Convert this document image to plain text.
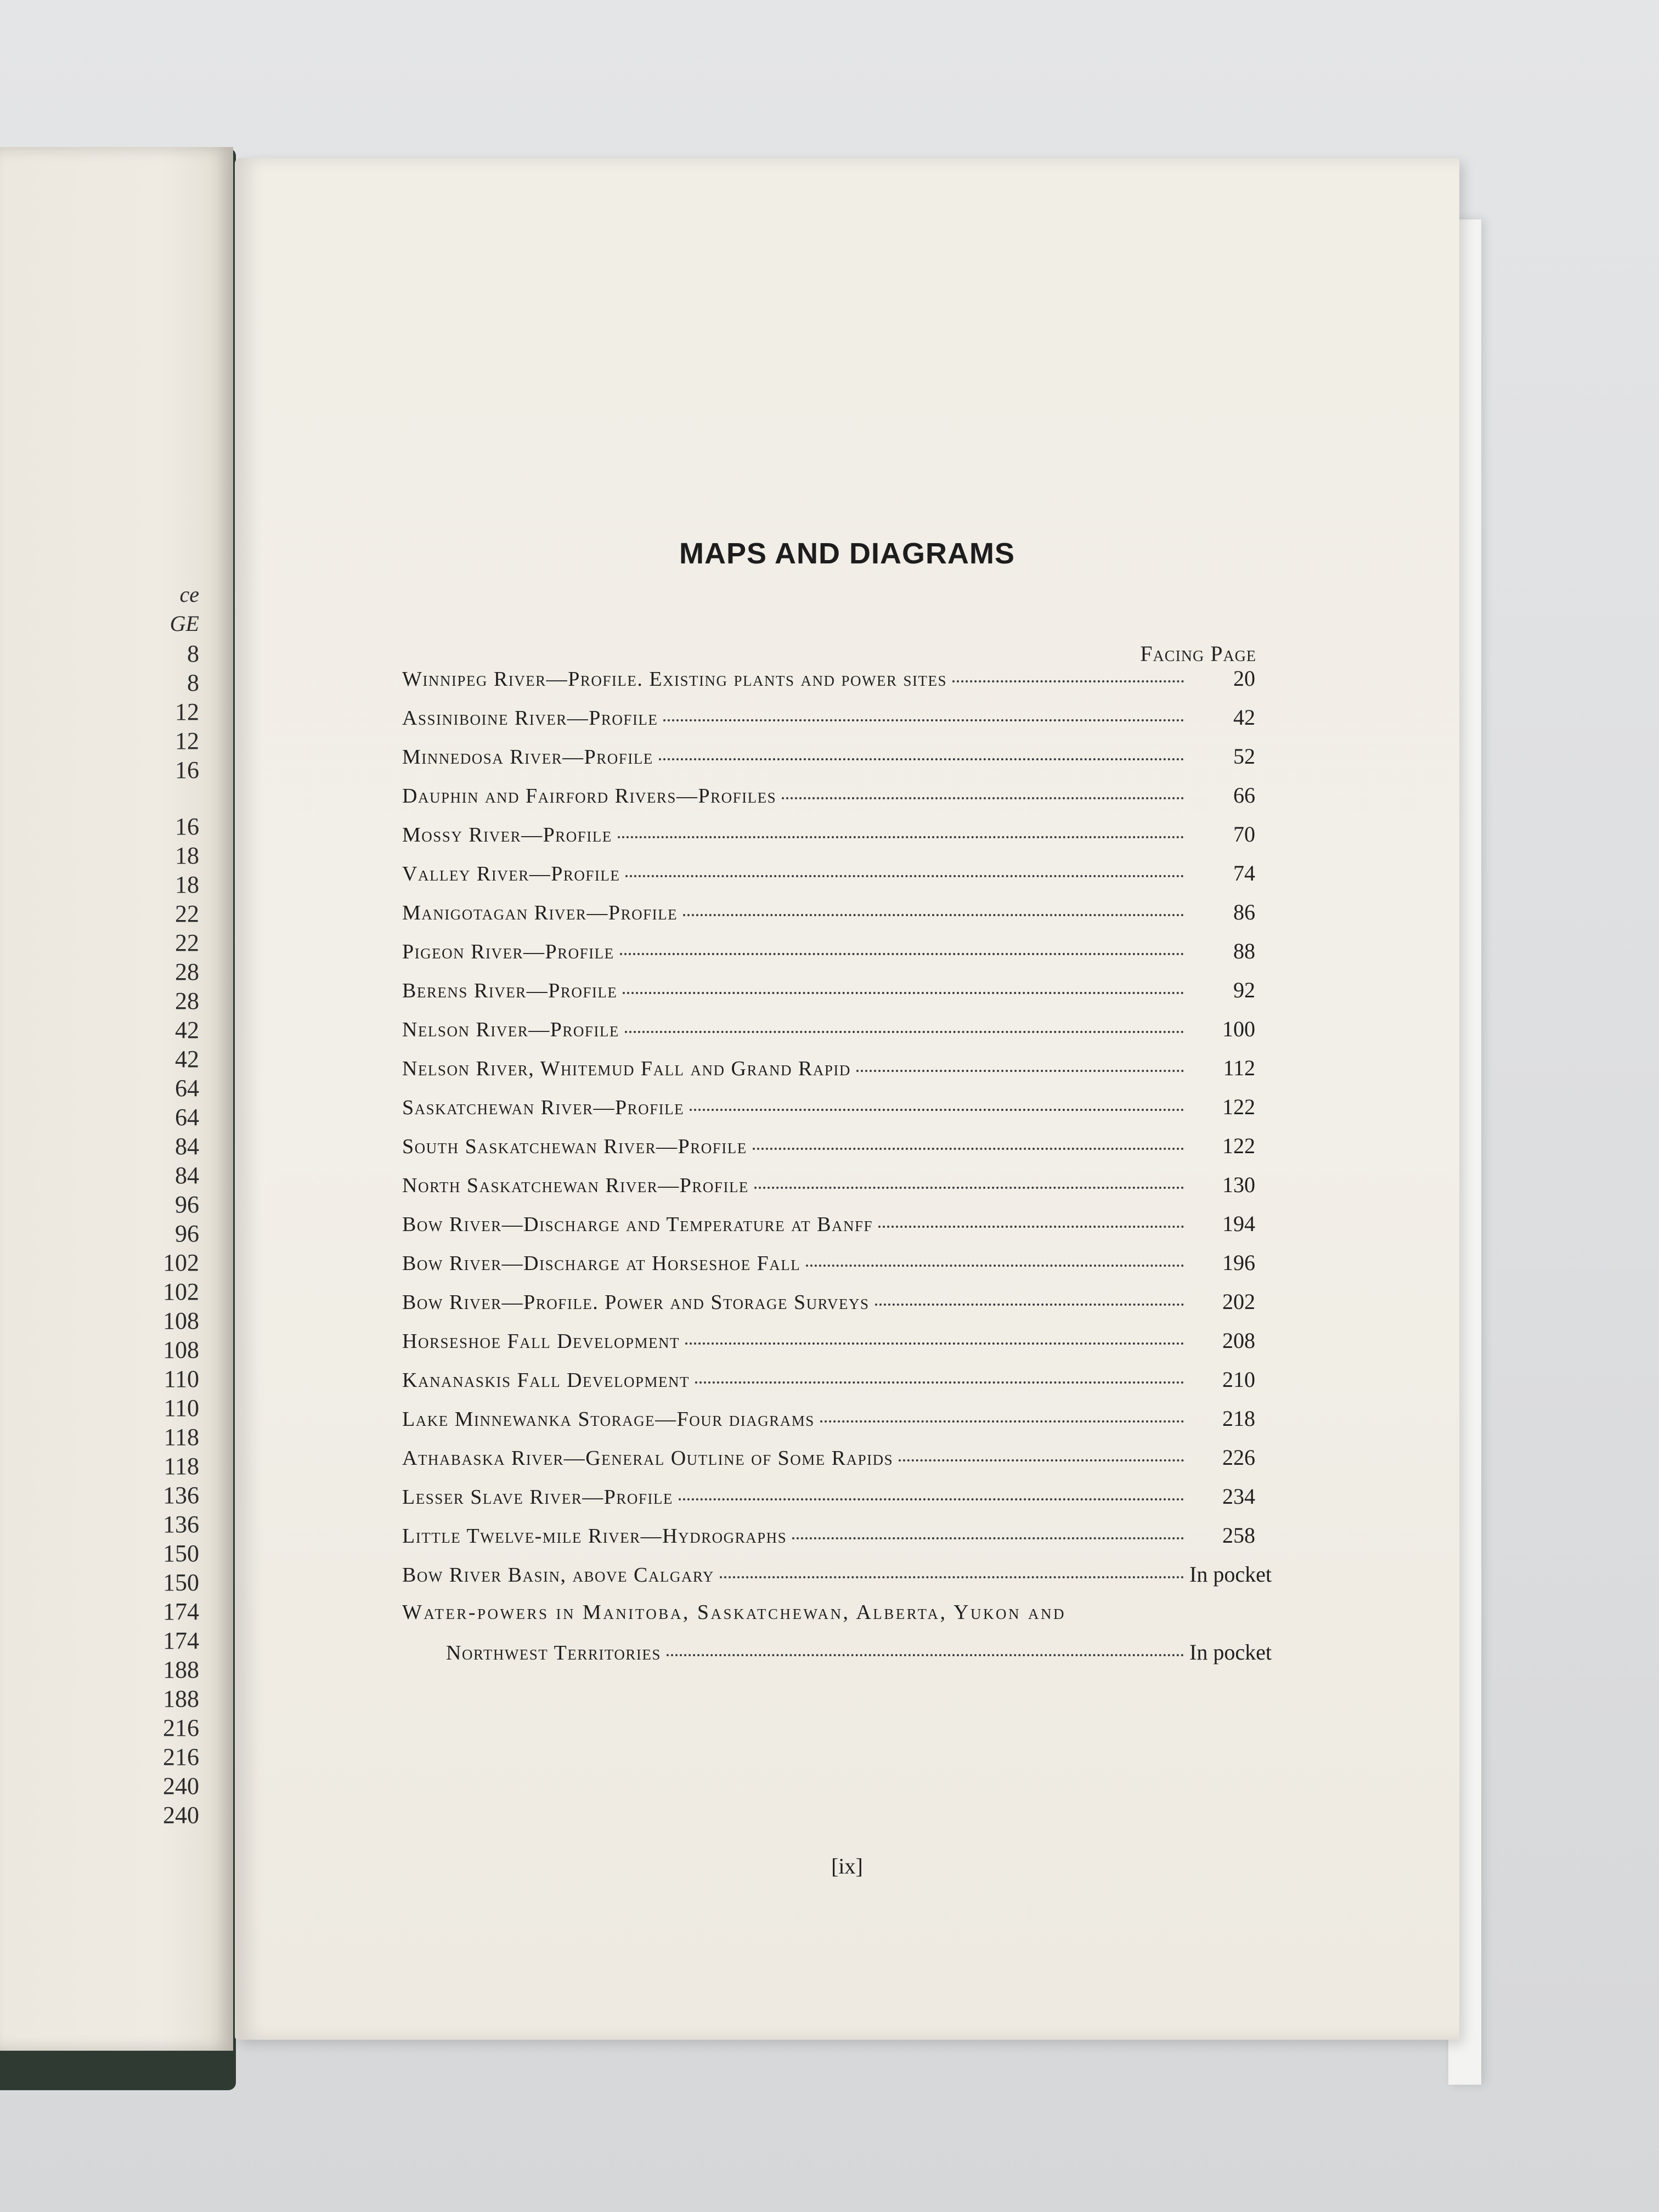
ce
GE
8
8
12
12
16
16
18
18
22
22
28
28
42
42
64
64
84
84
96
96
102
102
108
108
110
110
118
118
136
136
150
150
174
174
188
188
216
216
240
240
MAPS AND DIAGRAMS
Facing Page
Winnipeg River—Profile. Existing plants and power sites	20
Assiniboine River—Profile	42
Minnedosa River—Profile	52
Dauphin and Fairford Rivers—Profiles	66
Mossy River—Profile	70
Valley River—Profile	74
Manigotagan River—Profile	86
Pigeon River—Profile	88
Berens River—Profile	92
Nelson River—Profile	100
Nelson River, Whitemud Fall and Grand Rapid	112
Saskatchewan River—Profile	122
South Saskatchewan River—Profile	122
North Saskatchewan River—Profile	130
Bow River—Discharge and Temperature at Banff	194
Bow River—Discharge at Horseshoe Fall	196
Bow River—Profile. Power and Storage Surveys	202
Horseshoe Fall Development	208
Kananaskis Fall Development	210
Lake Minnewanka Storage—Four diagrams	218
Athabaska River—General Outline of Some Rapids	226
Lesser Slave River—Profile	234
Little Twelve-mile River—Hydrographs	258
Bow River Basin, above Calgary	In pocket
Water-powers in Manitoba, Saskatchewan, Alberta, Yukon and
Northwest Territories	In pocket
[ix]
